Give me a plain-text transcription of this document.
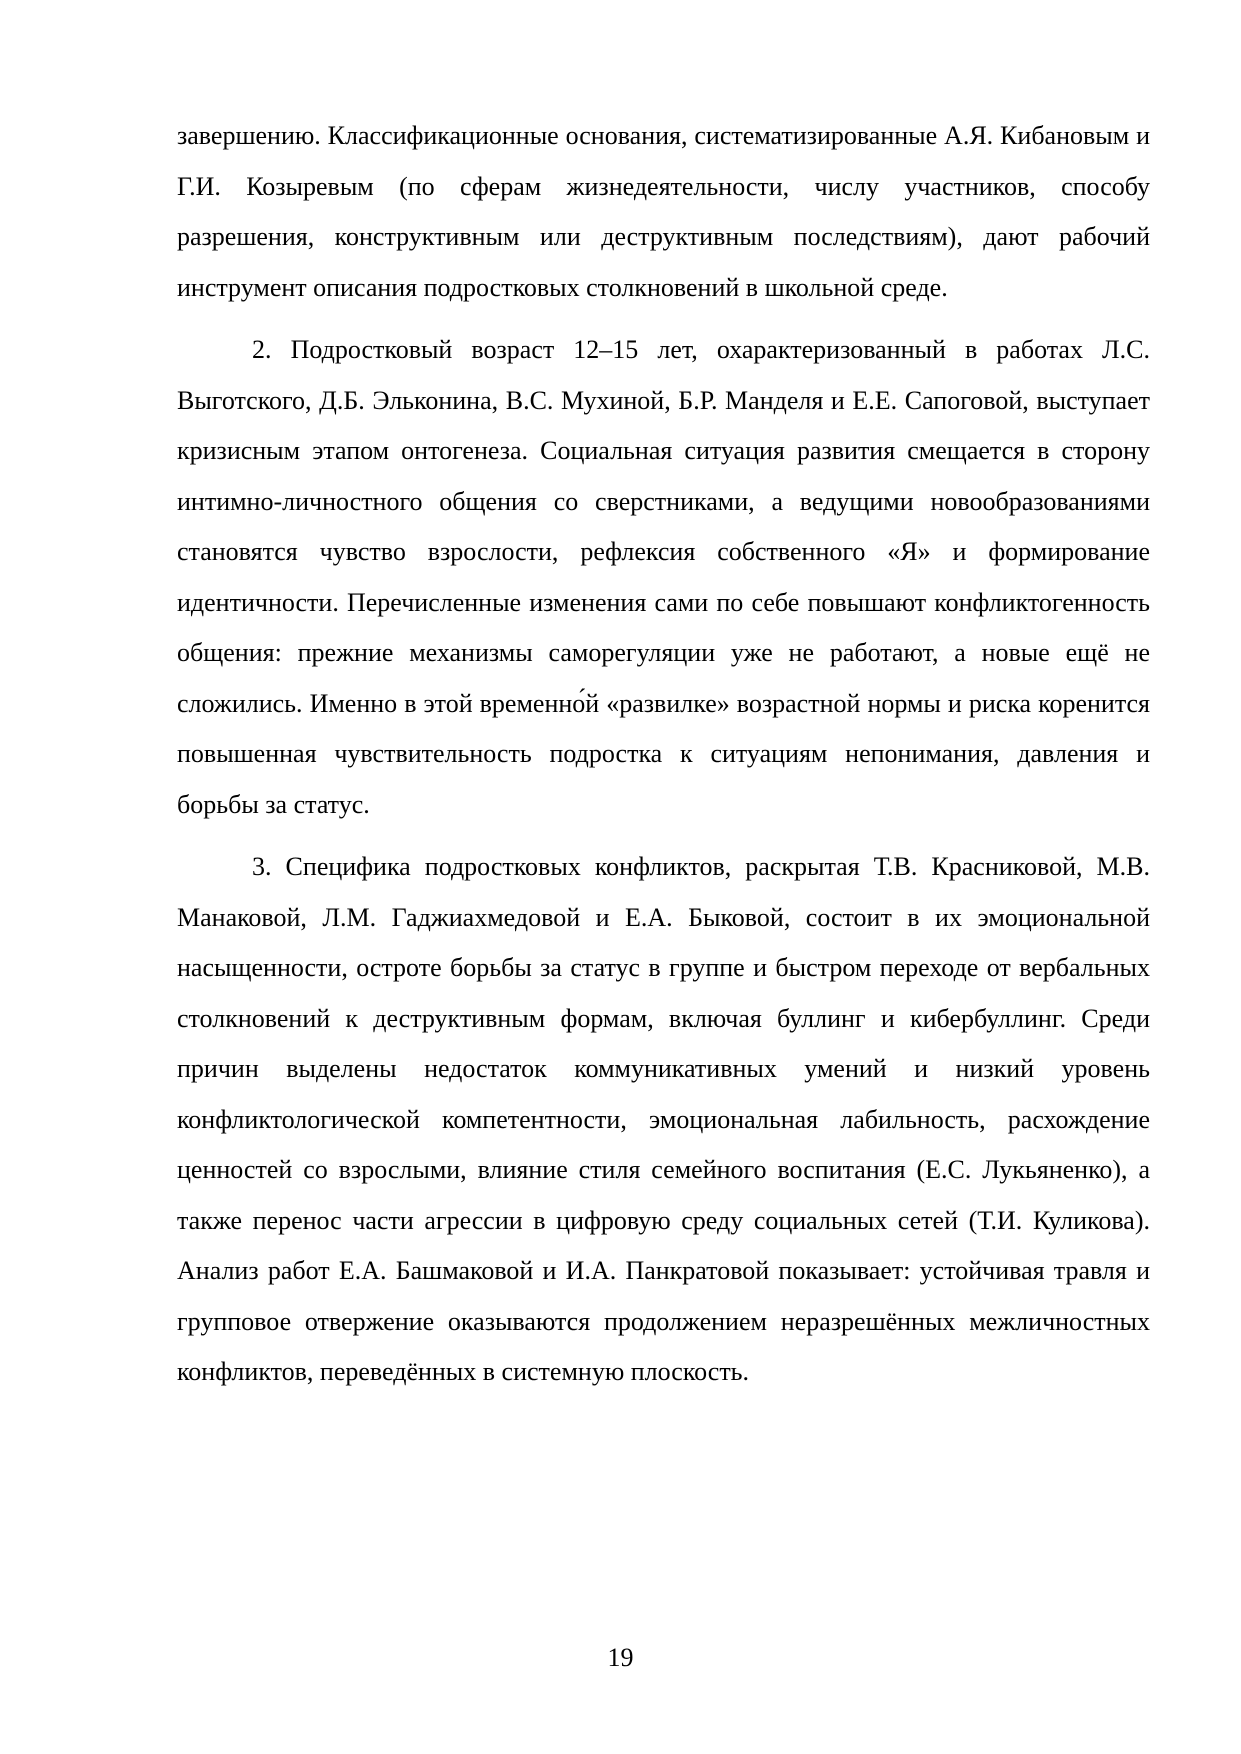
завершению. Классификационные основания, систематизированные А.Я. Кибановым и Г.И. Козыревым (по сферам жизнедеятельности, числу участников, способу разрешения, конструктивным или деструктивным последствиям), дают рабочий инструмент описания подростковых столкновений в школьной среде.

2. Подростковый возраст 12–15 лет, охарактеризованный в работах Л.С. Выготского, Д.Б. Эльконина, В.С. Мухиной, Б.Р. Манделя и Е.Е. Сапоговой, выступает кризисным этапом онтогенеза. Социальная ситуация развития смещается в сторону интимно-личностного общения со сверстниками, а ведущими новообразованиями становятся чувство взрослости, рефлексия собственного «Я» и формирование идентичности. Перечисленные изменения сами по себе повышают конфликтогенность общения: прежние механизмы саморегуляции уже не работают, а новые ещё не сложились. Именно в этой временно́й «развилке» возрастной нормы и риска коренится повышенная чувствительность подростка к ситуациям непонимания, давления и борьбы за статус.

3. Специфика подростковых конфликтов, раскрытая Т.В. Красниковой, М.В. Манаковой, Л.М. Гаджиахмедовой и Е.А. Быковой, состоит в их эмоциональной насыщенности, остроте борьбы за статус в группе и быстром переходе от вербальных столкновений к деструктивным формам, включая буллинг и кибербуллинг. Среди причин выделены недостаток коммуникативных умений и низкий уровень конфликтологической компетентности, эмоциональная лабильность, расхождение ценностей со взрослыми, влияние стиля семейного воспитания (Е.С. Лукьяненко), а также перенос части агрессии в цифровую среду социальных сетей (Т.И. Куликова). Анализ работ Е.А. Башмаковой и И.А. Панкратовой показывает: устойчивая травля и групповое отвержение оказываются продолжением неразрешённых межличностных конфликтов, переведённых в системную плоскость.

19
